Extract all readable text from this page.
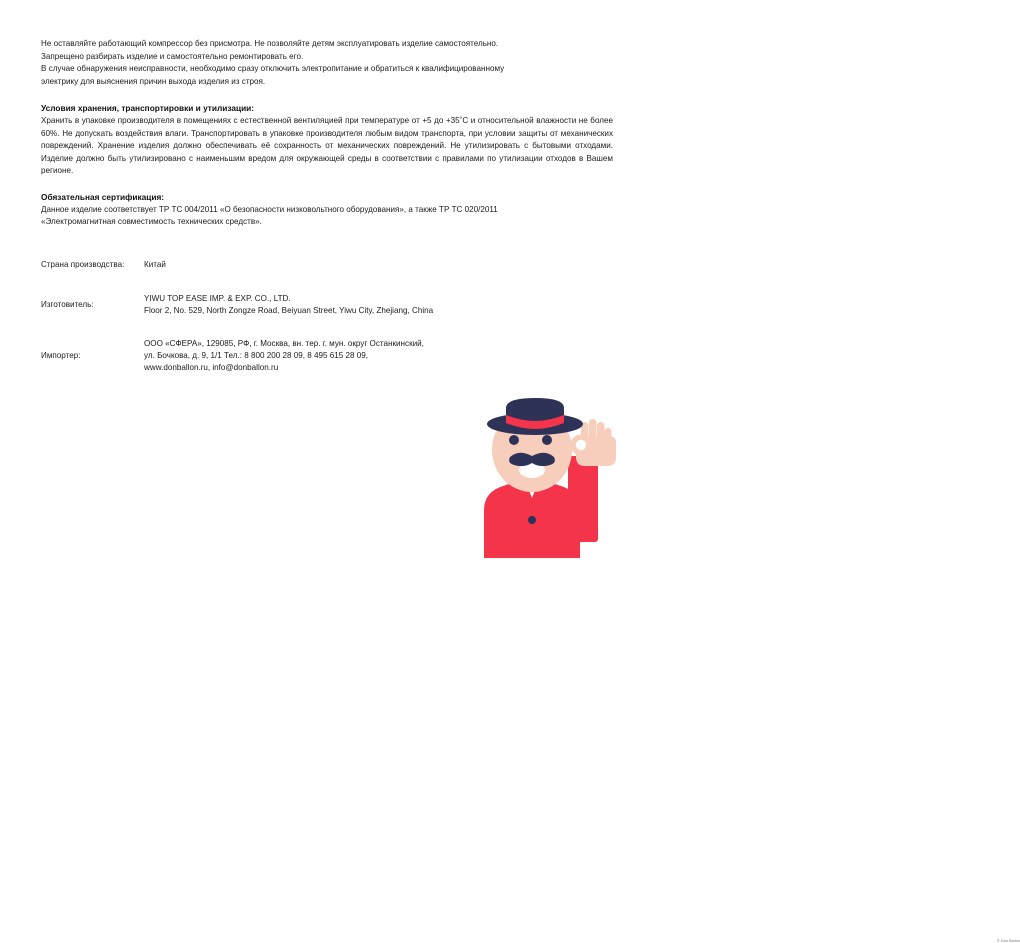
Не оставляйте работающий компрессор без присмотра. Не позволяйте детям эксплуатировать изделие самостоятельно.

Запрещено разбирать изделие и самостоятельно ремонтировать его.

В случае обнаружения неисправности, необходимо сразу отключить электропитание и обратиться к квалифицированному

электрику для выяснения причин выхода изделия из строя.

Условия хранения, транспортировки и утилизации:

Хранить в упаковке производителя в помещениях с естественной вентиляцией при температуре от +5 до +35˚С и относительной влажности не более 60%. Не допускать воздействия влаги. Транспортировать в упаковке производителя любым видом транспорта, при условии защиты от механических повреждений. Хранение изделия должно обеспечивать её сохранность от механических повреждений. Не утилизировать с бытовыми отходами. Изделие должно быть утилизировано с наименьшим вредом для окружающей среды в соответствии с правилами по утилизации отходов в Вашем регионе.

Обязательная сертификация:

Данное изделие соответствует ТР ТС 004/2011 «О безопасности низковольтного оборудования», а также ТР ТС 020/2011

«Электромагнитная совместимость технических средств».

Страна производства:	Китай
Изготовитель:
YIWU TOP EASE IMP. & EXP. CO., LTD.
Floor 2, No. 529, North Zongze Road, Beiyuan Street, Yiwu City, Zhejiang, China
Импортер:
ООО «СФЕРА», 129085, РФ, г. Москва, вн. тер. г. мун. округ Останкинский,
ул. Бочкова, д. 9, 1/1 Тел.: 8 800 200 28 09, 8 495 615 28 09,
www.donballon.ru, info@donballon.ru
© Don Ballon
